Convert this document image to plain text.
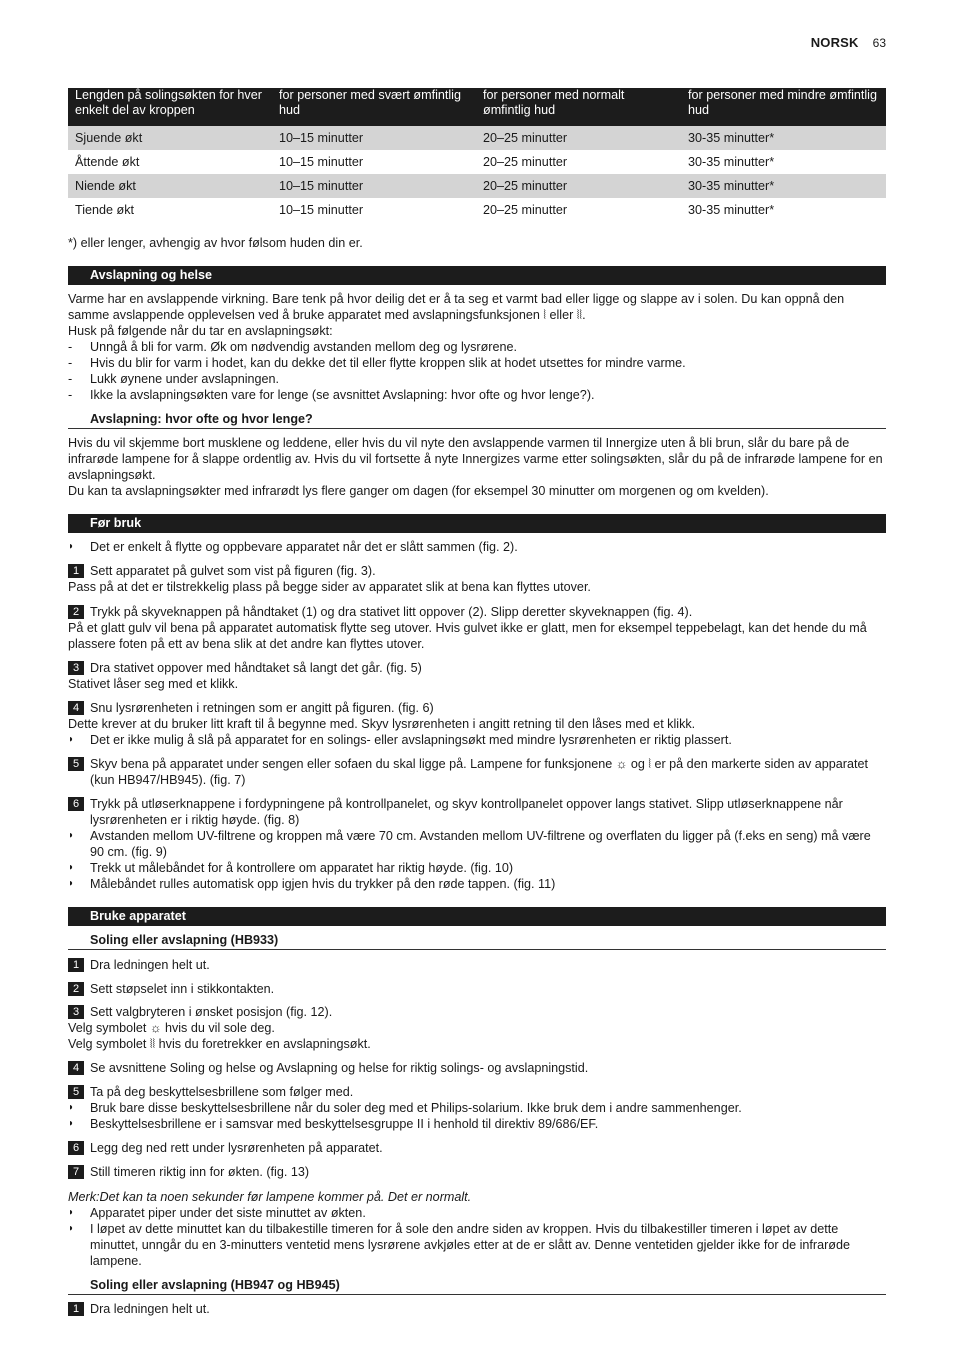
NORSK 63
Lengden på solingsøkten for hver enkelt del av kroppen	for personer med svært ømfintlig hud	for personer med normalt ømfintlig hud	for personer med mindre ømfintlig hud
Sjuende økt	10–15 minutter	20–25 minutter	30-35 minutter*
Åttende økt	10–15 minutter	20–25 minutter	30-35 minutter*
Niende økt	10–15 minutter	20–25 minutter	30-35 minutter*
Tiende økt	10–15 minutter	20–25 minutter	30-35 minutter*
*) eller lenger, avhengig av hvor følsom huden din er.
Avslapning og helse

Varme har en avslappende virkning. Bare tenk på hvor deilig det er å ta seg et varmt bad eller ligge og slappe av i solen. Du kan oppnå den samme avslappende opplevelsen ved å bruke apparatet med avslapningsfunksjonen ⦚ eller ⦚⦚.

Husk på følgende når du tar en avslapningsøkt:

- Unngå å bli for varm. Øk om nødvendig avstanden mellom deg og lysrørene.
- Hvis du blir for varm i hodet, kan du dekke det til eller flytte kroppen slik at hodet utsettes for mindre varme.
- Lukk øynene under avslapningen.
- Ikke la avslapningsøkten vare for lenge (se avsnittet Avslapning: hvor ofte og hvor lenge?).
Avslapning: hvor ofte og hvor lenge?

Hvis du vil skjemme bort musklene og leddene, eller hvis du vil nyte den avslappende varmen til Innergize uten å bli brun, slår du bare på de infrarøde lampene for å slappe ordentlig av. Hvis du vil fortsette å nyte Innergizes varme etter solingsøkten, slår du på de infrarøde lampene for en avslapningsøkt.

Du kan ta avslapningsøkter med infrarødt lys flere ganger om dagen (for eksempel 30 minutter om morgenen og om kvelden).

Før bruk
◗ Det er enkelt å flytte og oppbevare apparatet når det er slått sammen (fig. 2).
1 Sett apparatet på gulvet som vist på figuren (fig. 3).

Pass på at det er tilstrekkelig plass på begge sider av apparatet slik at bena kan flyttes utover.

2 Trykk på skyveknappen på håndtaket (1) og dra stativet litt oppover (2). Slipp deretter skyveknappen (fig. 4).

På et glatt gulv vil bena på apparatet automatisk flytte seg utover. Hvis gulvet ikke er glatt, men for eksempel teppebelagt, kan det hende du må plassere foten på ett av bena slik at det andre kan flyttes utover.

3 Dra stativet oppover med håndtaket så langt det går. (fig. 5)

Stativet låser seg med et klikk.

4 Snu lysrørenheten i retningen som er angitt på figuren. (fig. 6)

Dette krever at du bruker litt kraft til å begynne med. Skyv lysrørenheten i angitt retning til den låses med et klikk.

◗ Det er ikke mulig å slå på apparatet for en solings- eller avslapningsøkt med mindre lysrørenheten er riktig plassert.
5 Skyv bena på apparatet under sengen eller sofaen du skal ligge på. Lampene for funksjonene ☼ og ⦚ er på den markerte siden av apparatet (kun HB947/HB945). (fig. 7)
6 Trykk på utløserknappene i fordypningene på kontrollpanelet, og skyv kontrollpanelet oppover langs stativet. Slipp utløserknappene når lysrørenheten er i riktig høyde. (fig. 8)
◗ Avstanden mellom UV-filtrene og kroppen må være 70 cm. Avstanden mellom UV-filtrene og overflaten du ligger på (f.eks en seng) må være 90 cm. (fig. 9)
◗ Trekk ut målebåndet for å kontrollere om apparatet har riktig høyde. (fig. 10)
◗ Målebåndet rulles automatisk opp igjen hvis du trykker på den røde tappen. (fig. 11)
Bruke apparatet
Soling eller avslapning (HB933)
1 Dra ledningen helt ut.
2 Sett støpselet inn i stikkontakten.
3 Sett valgbryteren i ønsket posisjon (fig. 12).

Velg symbolet ☼ hvis du vil sole deg.

Velg symbolet ⦚⦚ hvis du foretrekker en avslapningsøkt.

4 Se avsnittene Soling og helse og Avslapning og helse for riktig solings- og avslapningstid.
5 Ta på deg beskyttelsesbrillene som følger med.
◗ Bruk bare disse beskyttelsesbrillene når du soler deg med et Philips-solarium. Ikke bruk dem i andre sammenhenger.
◗ Beskyttelsesbrillene er i samsvar med beskyttelsesgruppe II i henhold til direktiv 89/686/EF.
6 Legg deg ned rett under lysrørenheten på apparatet.
7 Still timeren riktig inn for økten. (fig. 13)

Merk:Det kan ta noen sekunder før lampene kommer på. Det er normalt.

◗ Apparatet piper under det siste minuttet av økten.
◗ I løpet av dette minuttet kan du tilbakestille timeren for å sole den andre siden av kroppen. Hvis du tilbakestiller timeren i løpet av dette minuttet, unngår du en 3-minutters ventetid mens lysrørene avkjøles etter at de er slått av. Denne ventetiden gjelder ikke for de infrarøde lampene.
Soling eller avslapning (HB947 og HB945)
1 Dra ledningen helt ut.
